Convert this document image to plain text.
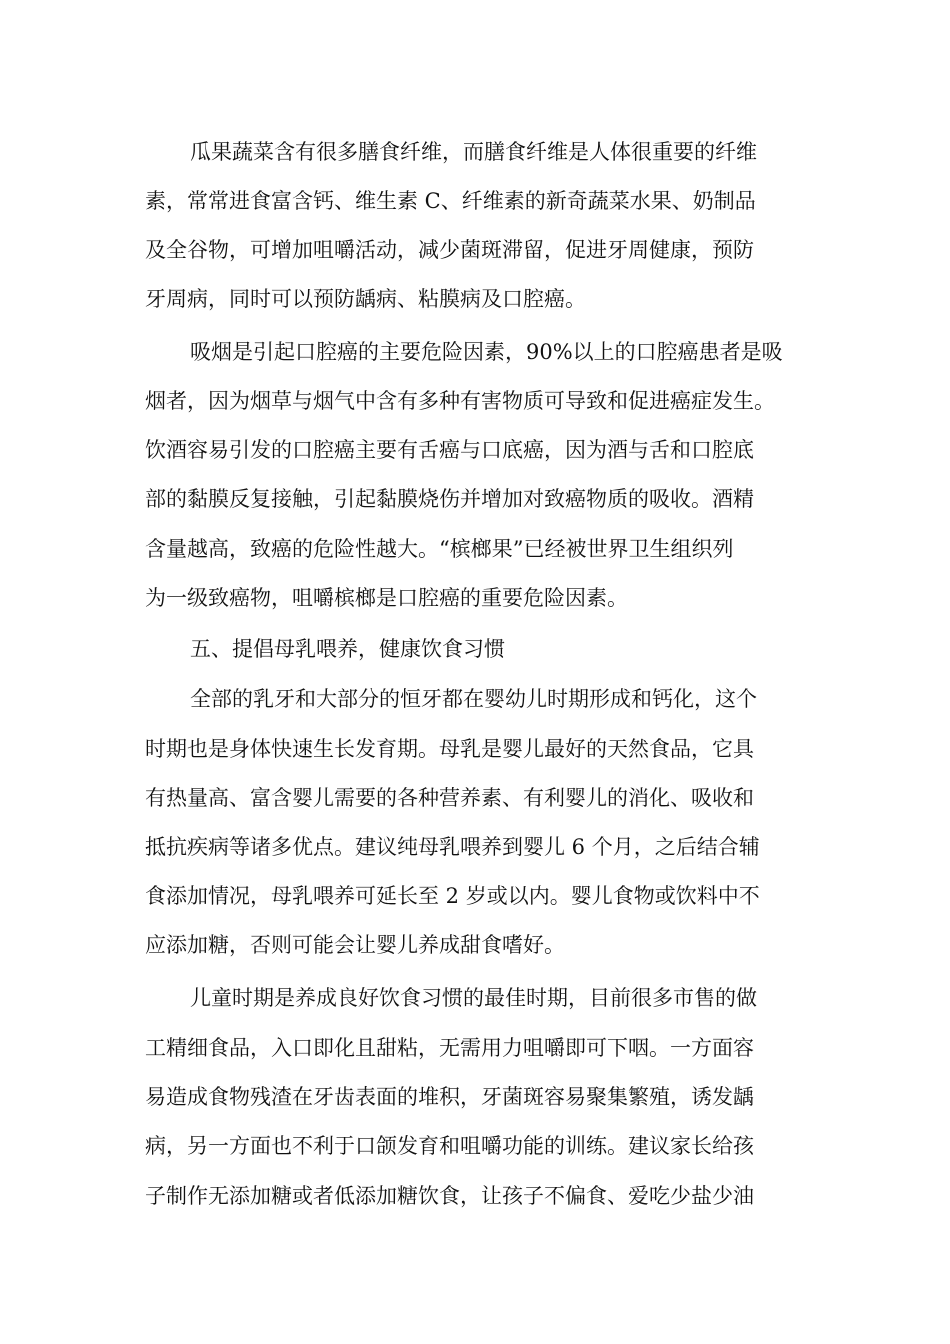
瓜果蔬菜含有很多膳食纤维，而膳食纤维是人体很重要的纤维
素，常常进食富含钙、维生素 C、纤维素的新奇蔬菜水果、奶制品
及全谷物，可增加咀嚼活动，减少菌斑滞留，促进牙周健康，预防
牙周病，同时可以预防龋病、粘膜病及口腔癌。
吸烟是引起口腔癌的主要危险因素，90%以上的口腔癌患者是吸
烟者，因为烟草与烟气中含有多种有害物质可导致和促进癌症发生。
饮酒容易引发的口腔癌主要有舌癌与口底癌，因为酒与舌和口腔底
部的黏膜反复接触，引起黏膜烧伤并增加对致癌物质的吸收。酒精
含量越高，致癌的危险性越大。“槟榔果”已经被世界卫生组织列
为一级致癌物，咀嚼槟榔是口腔癌的重要危险因素。
五、提倡母乳喂养，健康饮食习惯
全部的乳牙和大部分的恒牙都在婴幼儿时期形成和钙化，这个
时期也是身体快速生长发育期。母乳是婴儿最好的天然食品，它具
有热量高、富含婴儿需要的各种营养素、有利婴儿的消化、吸收和
抵抗疾病等诸多优点。建议纯母乳喂养到婴儿 6 个月，之后结合辅
食添加情况，母乳喂养可延长至 2 岁或以内。婴儿食物或饮料中不
应添加糖，否则可能会让婴儿养成甜食嗜好。
儿童时期是养成良好饮食习惯的最佳时期，目前很多市售的做
工精细食品，入口即化且甜粘，无需用力咀嚼即可下咽。一方面容
易造成食物残渣在牙齿表面的堆积，牙菌斑容易聚集繁殖，诱发龋
病，另一方面也不利于口颌发育和咀嚼功能的训练。建议家长给孩
子制作无添加糖或者低添加糖饮食，让孩子不偏食、爱吃少盐少油
